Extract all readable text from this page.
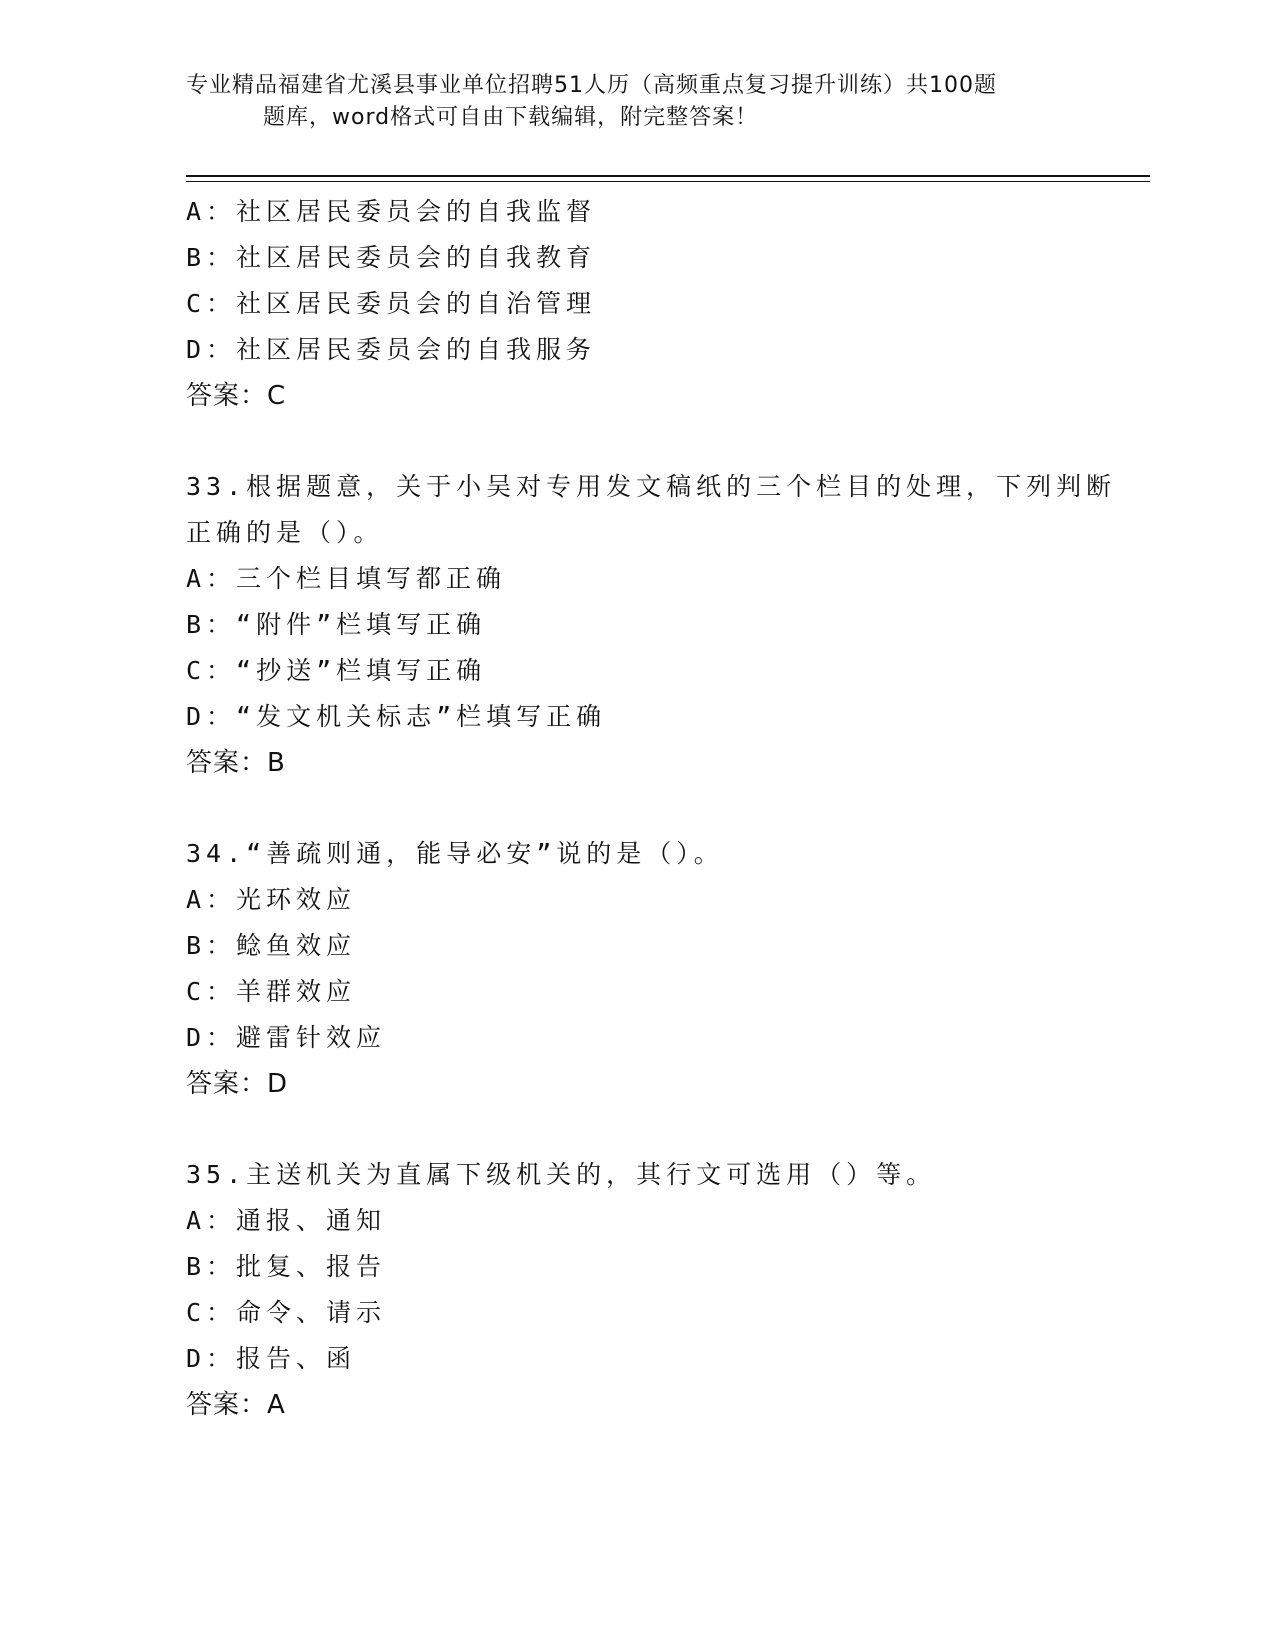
专业精品福建省尤溪县事业单位招聘51人历（高频重点复习提升训练）共100题
题库，word格式可自由下载编辑，附完整答案！
A：社区居民委员会的自我监督
B：社区居民委员会的自我教育
C：社区居民委员会的自治管理
D：社区居民委员会的自我服务
答案：C
33.根据题意，关于小吴对专用发文稿纸的三个栏目的处理，下列判断
正确的是（）。
A：三个栏目填写都正确
B：“附件”栏填写正确
C：“抄送”栏填写正确
D：“发文机关标志”栏填写正确
答案：B
34.“善疏则通，能导必安”说的是（）。
A：光环效应
B：鲶鱼效应
C：羊群效应
D：避雷针效应
答案：D
35.主送机关为直属下级机关的，其行文可选用（）等。
A：通报、通知
B：批复、报告
C：命令、请示
D：报告、函
答案：A
